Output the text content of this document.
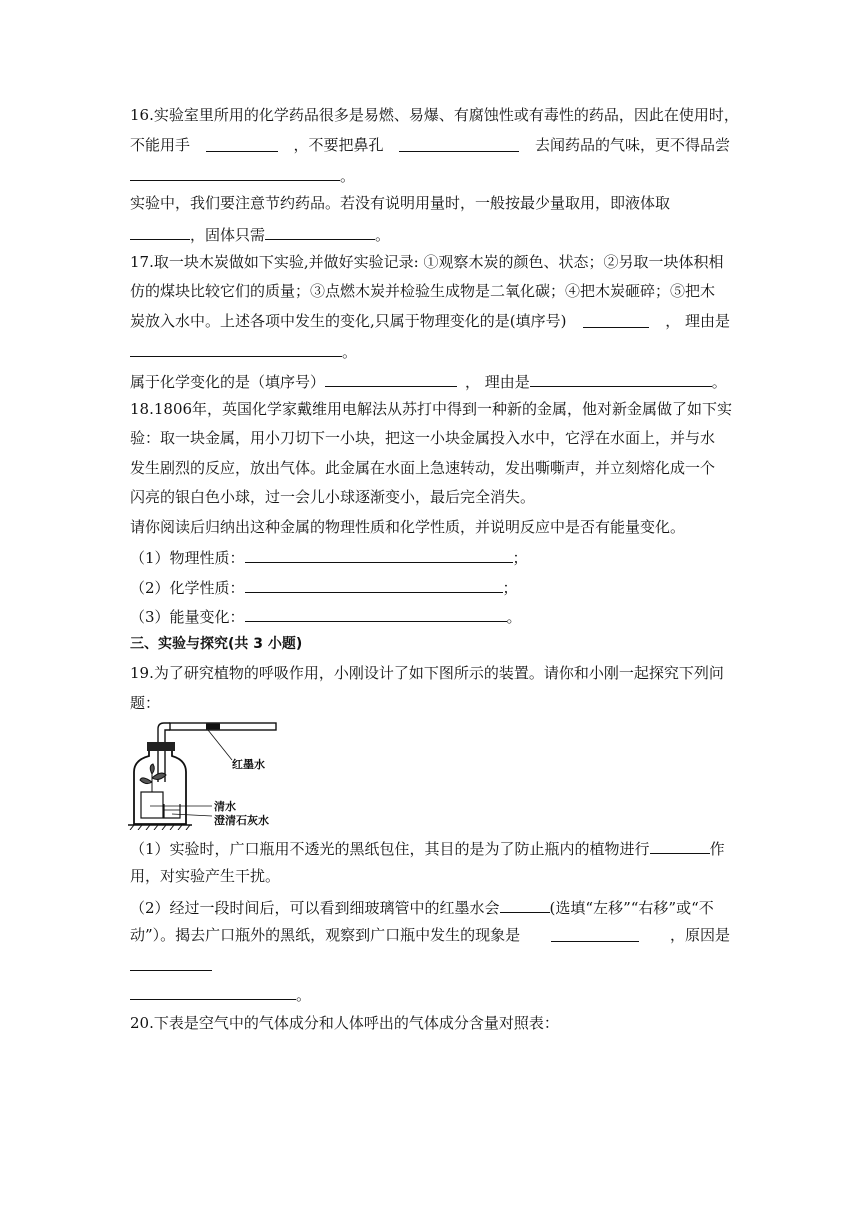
16.实验室里所用的化学药品很多是易燃、易爆、有腐蚀性或有毒性的药品，因此在使用时，
不能用手	，不要把鼻孔	去闻药品的气味，更不得品尝
。
实验中，我们要注意节约药品。若没有说明用量时，一般按最少量取用，即液体取
，固体只需	。
17.取一块木炭做如下实验,并做好实验记录: ①观察木炭的颜色、状态；②另取一块体积相
仿的煤块比较它们的质量；③点燃木炭并检验生成物是二氧化碳；④把木炭砸碎；⑤把木
炭放入水中。上述各项中发生的变化,只属于物理变化的是(填序号)	， 理由是
。
属于化学变化的是（填序号）	， 理由是	。
18.1806年，英国化学家戴维用电解法从苏打中得到一种新的金属，他对新金属做了如下实
验：取一块金属，用小刀切下一小块，把这一小块金属投入水中，它浮在水面上，并与水
发生剧烈的反应，放出气体。此金属在水面上急速转动，发出嘶嘶声，并立刻熔化成一个
闪亮的银白色小球，过一会儿小球逐渐变小，最后完全消失。
请你阅读后归纳出这种金属的物理性质和化学性质，并说明反应中是否有能量变化。
（1）物理性质：	；
（2）化学性质：	；
（3）能量变化：	。
三、实验与探究(共 3 小题)
19.为了研究植物的呼吸作用，小刚设计了如下图所示的装置。请你和小刚一起探究下列问
题：
红墨水
清水
澄清石灰水
（1）实验时，广口瓶用不透光的黑纸包住，其目的是为了防止瓶内的植物进行	作
用，对实验产生干扰。
（2）经过一段时间后，可以看到细玻璃管中的红墨水会	(选填“左移”“右移”或“不
动”）。揭去广口瓶外的黑纸，观察到广口瓶中发生的现象是	，原因是
。
20.下表是空气中的气体成分和人体呼出的气体成分含量对照表：
